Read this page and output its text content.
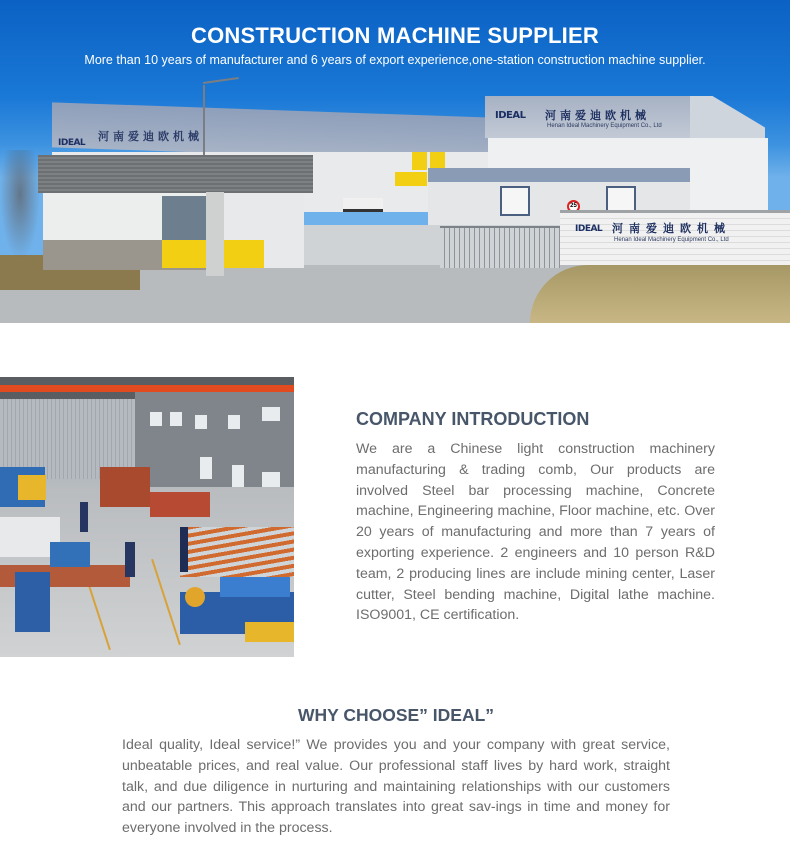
IDEAL 河南爱迪欧机械
IDEAL 河南爱迪欧机械
Henan Ideal Machinery Equipment Co., Ltd
25
IDEAL 河南爱迪欧机械
Henan Ideal Machinery Equipment Co., Ltd
CONSTRUCTION MACHINE SUPPLIER

More than 10 years of manufacturer and 6 years of export experience,one-station construction machine supplier.

COMPANY INTRODUCTION

We are a Chinese light construction machinery manufacturing & trading comb, Our products are involved Steel bar processing machine, Concrete machine, Engineering machine, Floor machine, etc. Over 20 years of manufacturing and more than 7 years of exporting experience. 2 engineers and 10 person R&D team, 2 producing lines are include mining center, Laser cutter, Steel bending machine, Digital lathe machine. ISO9001, CE certification.

WHY CHOOSE” IDEAL”

Ideal quality, Ideal service!” We provides you and your company with great service, unbeatable prices, and real value. Our professional staff lives by hard work, straight talk, and due diligence in nurturing and maintaining relationships with our customers and our partners. This approach translates into great sav-ings in time and money for everyone involved in the process.
